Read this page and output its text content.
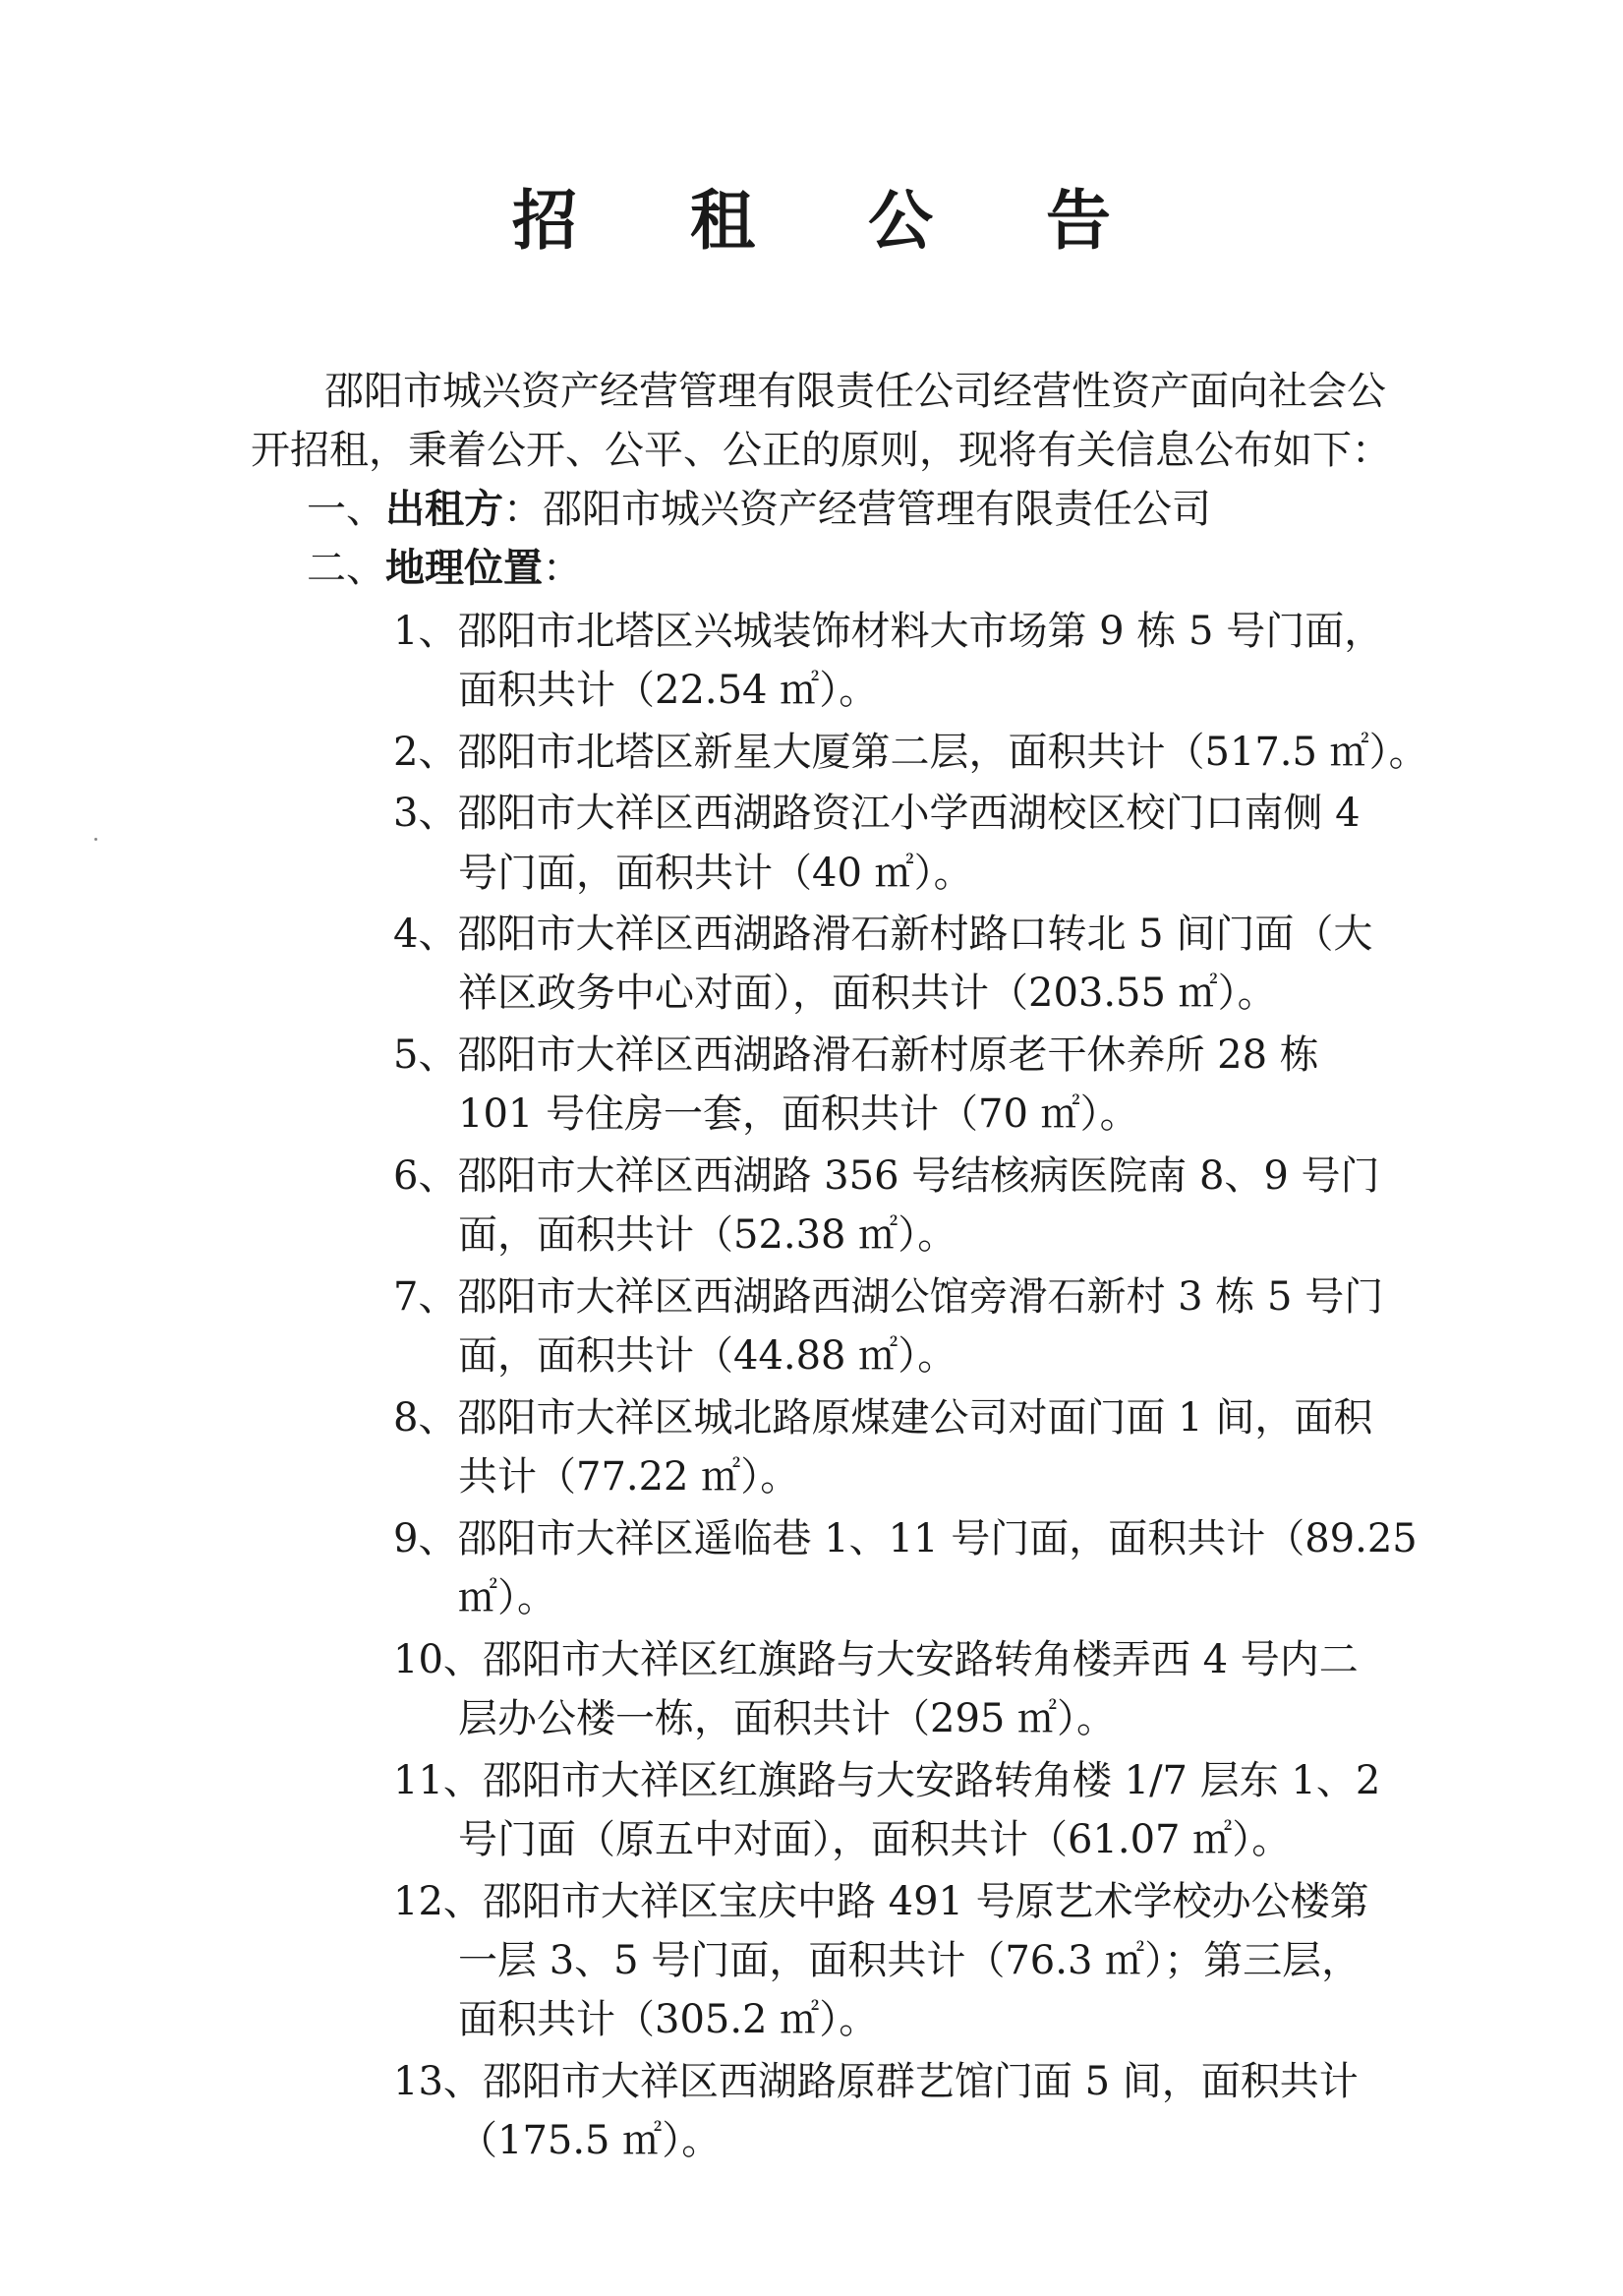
招 租 公 告
邵阳市城兴资产经营管理有限责任公司经营性资产面向社会公
开招租，秉着公开、公平、公正的原则，现将有关信息公布如下：
一、出租方：邵阳市城兴资产经营管理有限责任公司
二、地理位置：
1、邵阳市北塔区兴城装饰材料大市场第 9 栋 5 号门面，
面积共计（22.54 ㎡）。
2、邵阳市北塔区新星大厦第二层，面积共计（517.5 ㎡）。
3、邵阳市大祥区西湖路资江小学西湖校区校门口南侧 4
号门面，面积共计（40 ㎡）。
4、邵阳市大祥区西湖路滑石新村路口转北 5 间门面（大
祥区政务中心对面），面积共计（203.55 ㎡）。
5、邵阳市大祥区西湖路滑石新村原老干休养所 28 栋
101 号住房一套，面积共计（70 ㎡）。
6、邵阳市大祥区西湖路 356 号结核病医院南 8、9 号门
面，面积共计（52.38 ㎡）。
7、邵阳市大祥区西湖路西湖公馆旁滑石新村 3 栋 5 号门
面，面积共计（44.88 ㎡）。
8、邵阳市大祥区城北路原煤建公司对面门面 1 间，面积
共计（77.22 ㎡）。
9、邵阳市大祥区遥临巷 1、11 号门面，面积共计（89.25
㎡）。
10、邵阳市大祥区红旗路与大安路转角楼弄西 4 号内二
层办公楼一栋，面积共计（295 ㎡）。
11、邵阳市大祥区红旗路与大安路转角楼 1/7 层东 1、2
号门面（原五中对面），面积共计（61.07 ㎡）。
12、邵阳市大祥区宝庆中路 491 号原艺术学校办公楼第
一层 3、5 号门面，面积共计（76.3 ㎡）；第三层，
面积共计（305.2 ㎡）。
13、邵阳市大祥区西湖路原群艺馆门面 5 间，面积共计
（175.5 ㎡）。
